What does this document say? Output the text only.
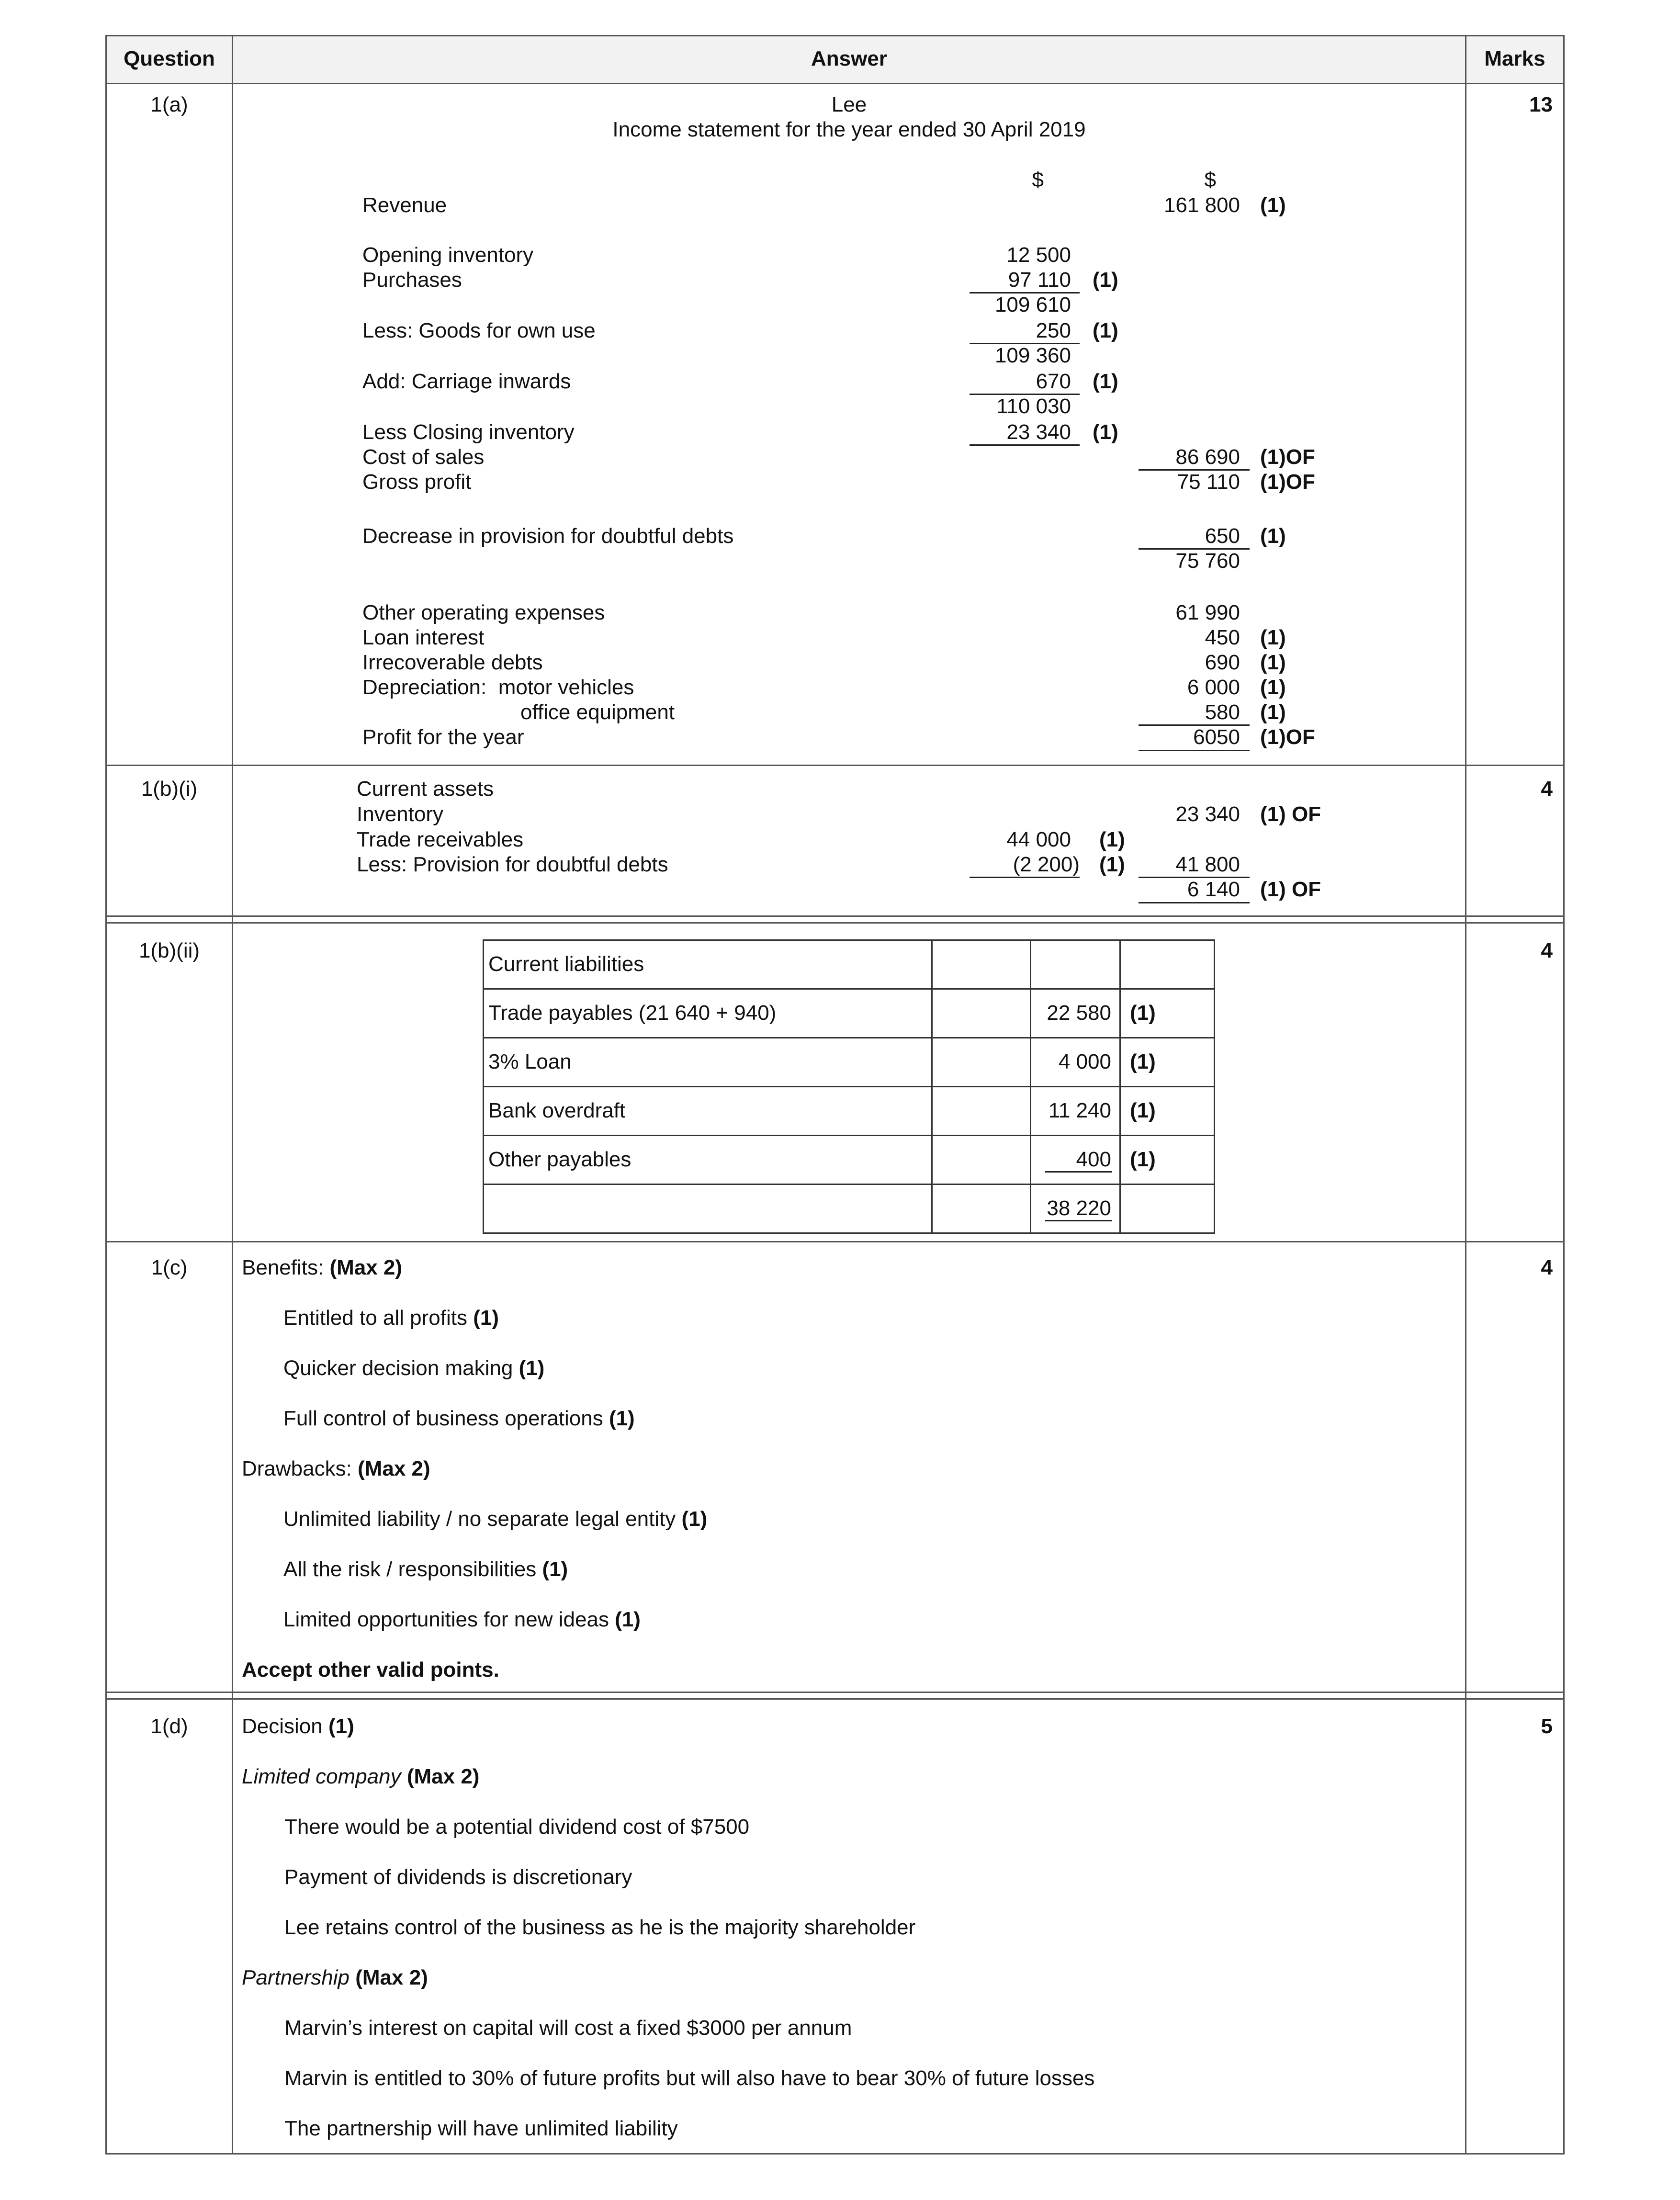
Question	Answer	Marks
1(a)	13
Lee
Income statement for the year ended 30 April 2019
$	$
Revenue	161 800 (1)
Opening inventory	12 500
Purchases	97 110 (1)
109 610
Less: Goods for own use	250 (1)
109 360
Add: Carriage inwards	670 (1)
110 030
Less Closing inventory	23 340 (1)
Cost of sales	86 690 (1)OF
Gross profit	75 110 (1)OF
Decrease in provision for doubtful debts	650 (1)
75 760
Other operating expenses	61 990
Loan interest	450 (1)
Irrecoverable debts	690 (1)
Depreciation:  motor vehicles	6 000 (1)
office equipment	580 (1)
Profit for the year	6050 (1)OF
1(b)(i)	4
Current assets
Inventory	23 340 (1) OF
Trade receivables	44 000 (1)
Less: Provision for doubtful debts	(2 200) (1)	41 800
6 140 (1) OF
1(b)(ii)	4
Current liabilities
Trade payables (21 640 + 940)	22 580 (1)
3% Loan	4 000 (1)
Bank overdraft	11 240 (1)
Other payables	400 (1)
38 220
1(c)	4
Benefits: (Max 2)
Entitled to all profits (1)
Quicker decision making (1)
Full control of business operations (1)
Drawbacks: (Max 2)
Unlimited liability / no separate legal entity (1)
All the risk / responsibilities (1)
Limited opportunities for new ideas (1)
Accept other valid points.
1(d)	5
Decision (1)
Limited company (Max 2)
There would be a potential dividend cost of $7500
Payment of dividends is discretionary
Lee retains control of the business as he is the majority shareholder
Partnership (Max 2)
Marvin’s interest on capital will cost a fixed $3000 per annum
Marvin is entitled to 30% of future profits but will also have to bear 30% of future losses
The partnership will have unlimited liability
